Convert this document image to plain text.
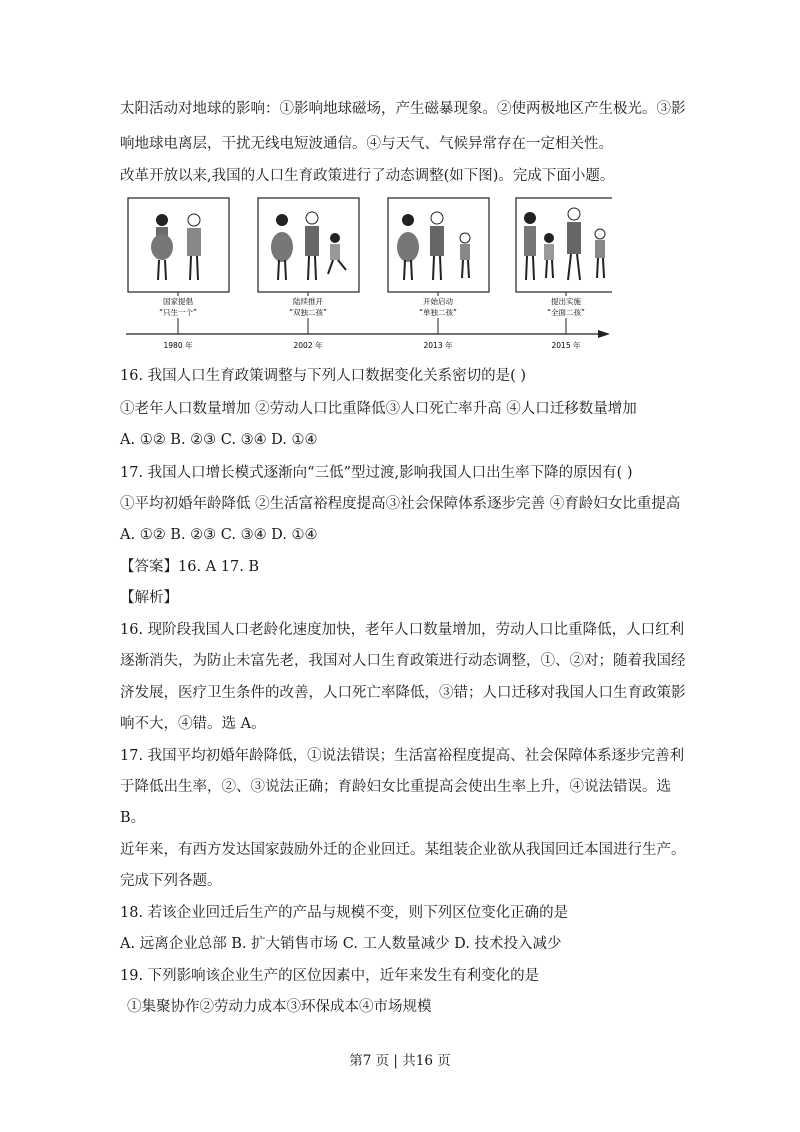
太阳活动对地球的影响：①影响地球磁场，产生磁暴现象。②使两极地区产生极光。③影
响地球电离层，干扰无线电短波通信。④与天气、气候异常存在一定相关性。
改革开放以来,我国的人口生育政策进行了动态调整(如下图)。完成下面小题。
国家提倡
“只生一个”
1980 年
陆续推开
“双独二孩”
2002 年
开始启动
“单独二孩”
2013 年
提出实施
“全面二孩”
2015 年
16. 我国人口生育政策调整与下列人口数据变化关系密切的是( )
①老年人口数量增加 ②劳动人口比重降低③人口死亡率升高 ④人口迁移数量增加
A. ①② B. ②③ C. ③④ D. ①④
17. 我国人口增长模式逐渐向“三低”型过渡,影响我国人口出生率下降的原因有( )
①平均初婚年龄降低 ②生活富裕程度提高③社会保障体系逐步完善 ④育龄妇女比重提高
A. ①② B. ②③ C. ③④ D. ①④
【答案】16. A 17. B
【解析】
16. 现阶段我国人口老龄化速度加快，老年人口数量增加，劳动人口比重降低，人口红利
逐渐消失，为防止未富先老，我国对人口生育政策进行动态调整，①、②对；随着我国经
济发展，医疗卫生条件的改善，人口死亡率降低，③错；人口迁移对我国人口生育政策影
响不大，④错。选 A。
17. 我国平均初婚年龄降低，①说法错误；生活富裕程度提高、社会保障体系逐步完善利
于降低出生率，②、③说法正确；育龄妇女比重提高会使出生率上升，④说法错误。选
B。
近年来，有西方发达国家鼓励外迁的企业回迁。某组装企业欲从我国回迁本国进行生产。
完成下列各题。
18. 若该企业回迁后生产的产品与规模不变，则下列区位变化正确的是
A. 远离企业总部 B. 扩大销售市场 C. 工人数量减少 D. 技术投入减少
19. 下列影响该企业生产的区位因素中，近年来发生有利变化的是
①集聚协作②劳动力成本③环保成本④市场规模
第7 页 | 共16 页
